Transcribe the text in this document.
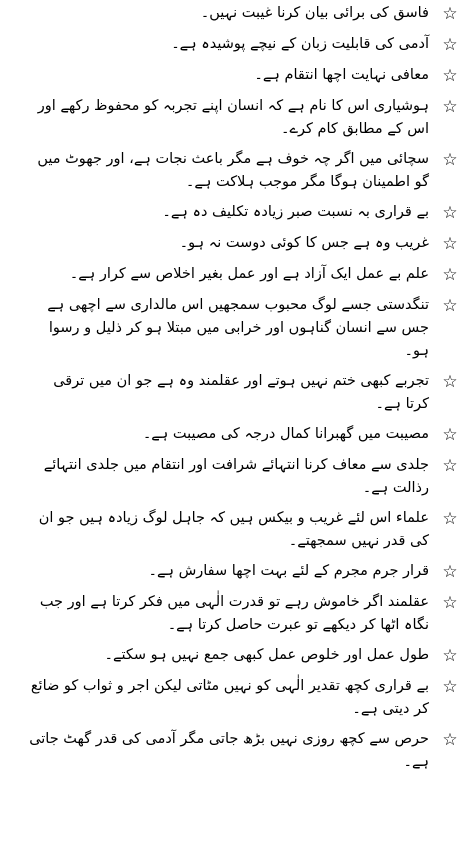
☆
فاسق کی برائی بیان کرنا غیبت نہیں۔
☆
آدمی کی قابلیت زبان کے نیچے پوشیدہ ہے۔
☆
معافی نہایت اچھا انتقام ہے۔
☆
ہوشیاری اس کا نام ہے کہ انسان اپنے تجربہ کو محفوظ رکھے اور اس کے مطابق کام کرے۔
☆
سچائی میں اگر چہ خوف ہے مگر باعث نجات ہے، اور جھوٹ میں گو اطمینان ہوگا مگر موجب ہلاکت ہے۔
☆
بے قراری بہ نسبت صبر زیادہ تکلیف دہ ہے۔
☆
غریب وہ ہے جس کا کوئی دوست نہ ہو۔
☆
علم بے عمل ایک آزاد ہے اور عمل بغیر اخلاص سے کرار ہے۔
☆
تنگدستی جسے لوگ محبوب سمجھیں اس مالداری سے اچھی ہے جس سے انسان گناہوں اور خرابی میں مبتلا ہو کر ذلیل و رسوا ہو۔
☆
تجربے کبھی ختم نہیں ہوتے اور عقلمند وہ ہے جو ان میں ترقی کرتا ہے۔
☆
مصیبت میں گھبرانا کمال درجہ کی مصیبت ہے۔
☆
جلدی سے معاف کرنا انتہائے شرافت اور انتقام میں جلدی انتہائے رذالت ہے۔
☆
علماء اس لئے غریب و بیکس ہیں کہ جاہل لوگ زیادہ ہیں جو ان کی قدر نہیں سمجھتے۔
☆
قرار جرم مجرم کے لئے بہت اچھا سفارش ہے۔
☆
عقلمند اگر خاموش رہے تو قدرت الٰہی میں فکر کرتا ہے اور جب نگاہ اٹھا کر دیکھے تو عبرت حاصل کرتا ہے۔
☆
طول عمل اور خلوص عمل کبھی جمع نہیں ہو سکتے۔
☆
بے قراری کچھ تقدیر الٰہی کو نہیں مٹاتی لیکن اجر و ثواب کو ضائع کر دیتی ہے۔
☆
حرص سے کچھ روزی نہیں بڑھ جاتی مگر آدمی کی قدر گھٹ جاتی ہے۔
